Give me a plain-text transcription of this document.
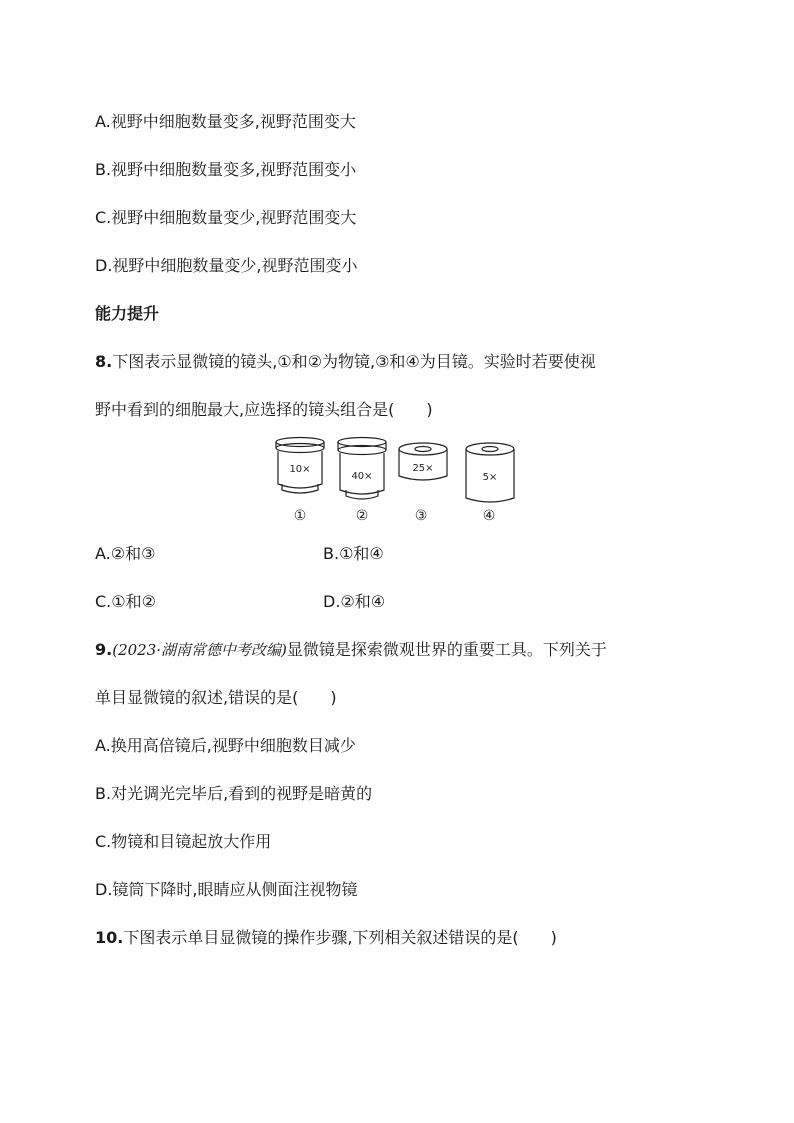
A.视野中细胞数量变多,视野范围变大
B.视野中细胞数量变多,视野范围变小
C.视野中细胞数量变少,视野范围变大
D.视野中细胞数量变少,视野范围变小
能力提升
8.下图表示显微镜的镜头,①和②为物镜,③和④为目镜。实验时若要使视
野中看到的细胞最大,应选择的镜头组合是(　　)
10×
①
40×
②
25×
③
5×
④
A.②和③	B.①和④
C.①和②	D.②和④
9.(2023·湖南常德中考改编)显微镜是探索微观世界的重要工具。下列关于
单目显微镜的叙述,错误的是(　　)
A.换用高倍镜后,视野中细胞数目减少
B.对光调光完毕后,看到的视野是暗黄的
C.物镜和目镜起放大作用
D.镜筒下降时,眼睛应从侧面注视物镜
10.下图表示单目显微镜的操作步骤,下列相关叙述错误的是(　　)
